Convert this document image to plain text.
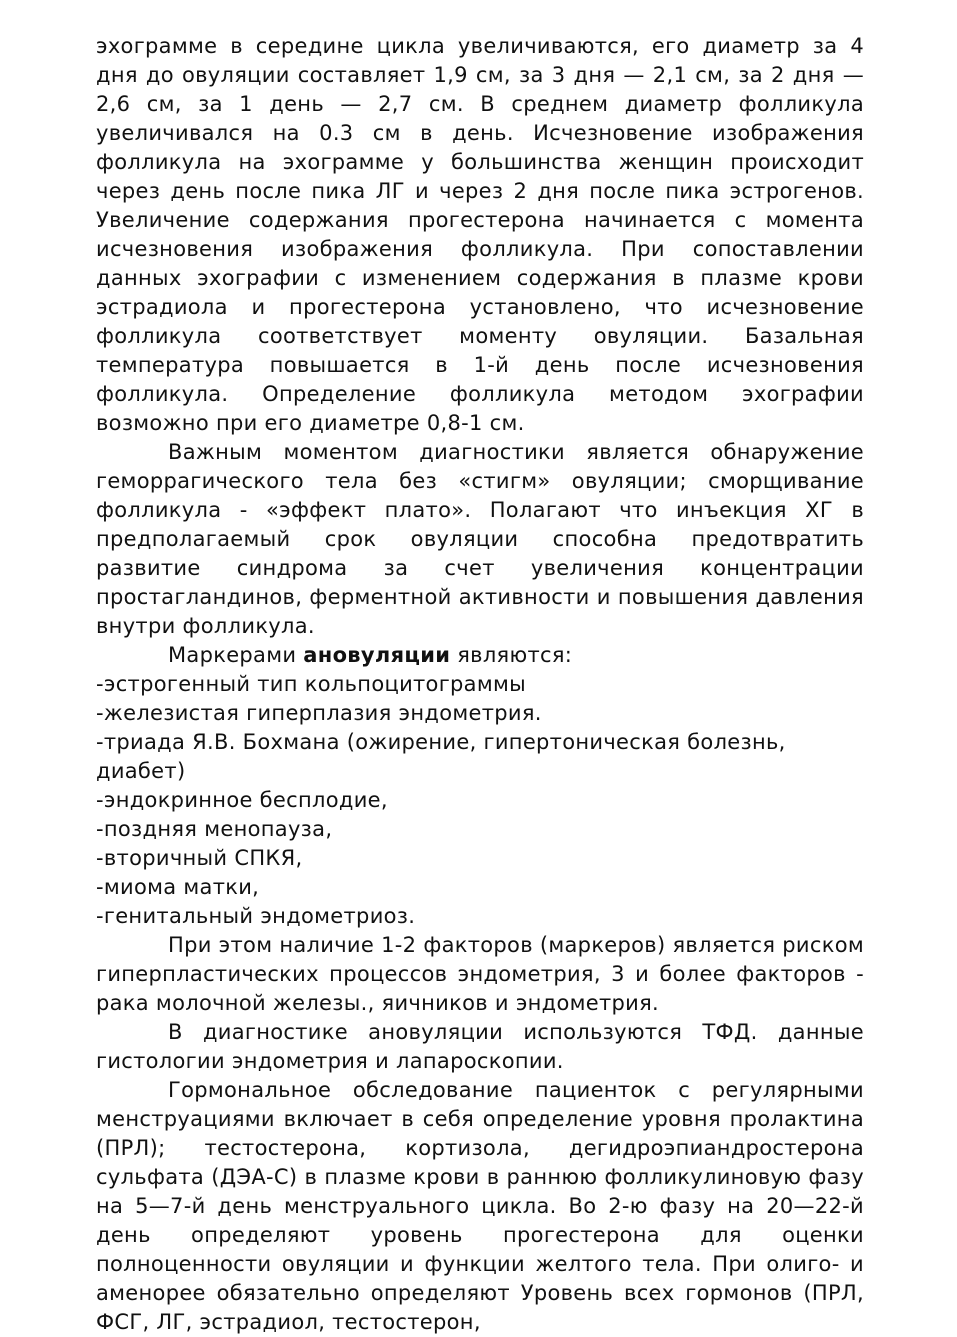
эхограмме в середине цикла увеличиваются, его диаметр за 4 дня до овуляции составляет 1,9 см, за 3 дня — 2,1 см, за 2 дня — 2,6 см, за 1 день — 2,7 см. В среднем диаметр фолликула увеличивался на 0.3 см в день. Исчезновение изображения фолликула на эхограмме у большинства женщин происходит через день после пика ЛГ и через 2 дня после пика эстрогенов. Увеличение содержания прогестерона начинается с момента исчезновения изображения фолликула. При сопоставлении данных эхографии с изменением содержания в плазме крови эстрадиола и прогестерона установлено, что исчезновение фолликула соответствует моменту овуляции. Базальная температура повышается в 1-й день после исчезновения фолликула. Определение фолликула методом эхографии возможно при его диаметре 0,8-1 см.

Важным моментом диагностики является обнаружение геморрагического тела без «стигм» овуляции; сморщивание фолликула - «эффект плато». Полагают что инъекция ХГ в предполагаемый срок овуляции способна предотвратить развитие синдрома за счет увеличения концентрации простагландинов, ферментной активности и повышения давления внутри фолликула.

Маркерами ановуляции являются:

-эстрогенный тип кольпоцитограммы
-железистая гиперплазия эндометрия.
-триада Я.В. Бохмана (ожирение, гипертоническая болезнь, диабет)
-эндокринное бесплодие,
-поздняя менопауза,
-вторичный СПКЯ,
-миома матки,
-генитальный эндометриоз.

При этом наличие 1-2 факторов (маркеров) является риском гиперпластических процессов эндометрия, 3 и более факторов - рака молочной железы., яичников и эндометрия.

В диагностике ановуляции используются ТФД. данные гистологии эндометрия и лапароскопии.

Гормональное обследование пациенток с регулярными менструациями включает в себя определение уровня пролактина (ПРЛ); тестостерона, кортизола, дегидроэпиандростерона сульфата (ДЭА-С) в плазме крови в раннюю фолликулиновую фазу на 5—7-й день менструального цикла. Во 2-ю фазу на 20—22-й день определяют уровень прогестерона для оценки полноценности овуляции и функции желтого тела. При олиго- и аменорее обязательно определяют Уровень всех гормонов (ПРЛ, ФСГ, ЛГ, эстрадиол, тестостерон,
